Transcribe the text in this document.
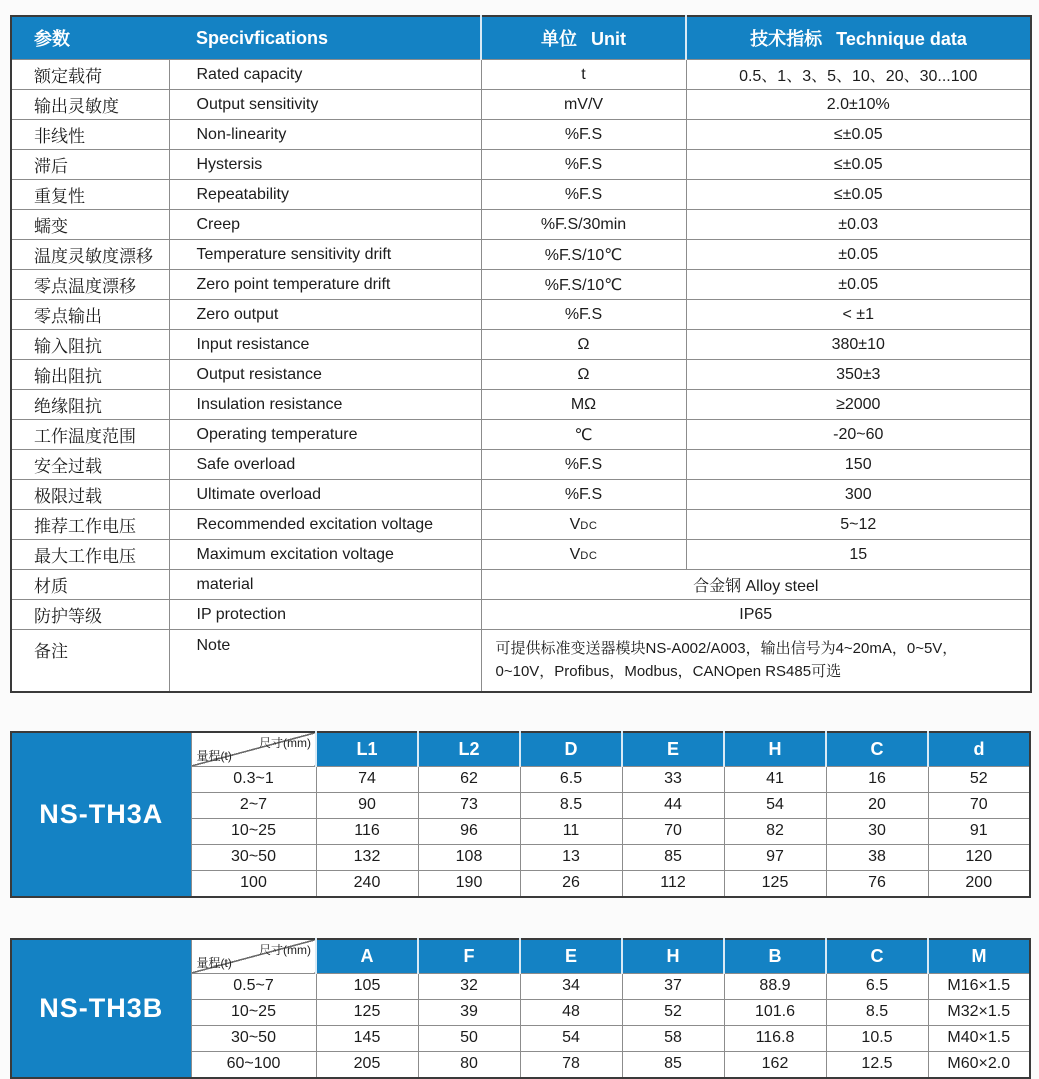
参数	Specivfications	单位 Unit	技术指标 Technique data
额定载荷	Rated capacity	t	0.5、1、3、5、10、20、30...100
输出灵敏度	Output sensitivity	mV/V	2.0±10%
非线性	Non-linearity	%F.S	≤±0.05
滞后	Hystersis	%F.S	≤±0.05
重复性	Repeatability	%F.S	≤±0.05
蠕变	Creep	%F.S/30min	±0.03
温度灵敏度漂移	Temperature sensitivity drift	%F.S/10℃	±0.05
零点温度漂移	Zero point temperature drift	%F.S/10℃	±0.05
零点输出	Zero output	%F.S	< ±1
输入阻抗	Input resistance	Ω	380±10
输出阻抗	Output resistance	Ω	350±3
绝缘阻抗	Insulation resistance	MΩ	≥2000
工作温度范围	Operating temperature	℃	-20~60
安全过载	Safe overload	%F.S	150
极限过载	Ultimate overload	%F.S	300
推荐工作电压	Recommended excitation voltage	VDC	5~12
最大工作电压	Maximum excitation voltage	VDC	15
材质	material	合金钢 Alloy steel	
防护等级	IP protection	IP65	
备注	Note	可提供标准变送器模块NS-A002/A003，输出信号为4~20mA，0~5V，
0~10V，Profibus，Modbus，CANOpen RS485可选	
NS-TH3A	尺寸(mm)
量程(t)	L1	L2	D	E	H	C	d
	0.3~1	74	62	6.5	33	41	16	52
	2~7	90	73	8.5	44	54	20	70
	10~25	116	96	11	70	82	30	91
	30~50	132	108	13	85	97	38	120
	100	240	190	26	112	125	76	200
NS-TH3B	尺寸(mm)
量程(t)	A	F	E	H	B	C	M
	0.5~7	105	32	34	37	88.9	6.5	M16×1.5
	10~25	125	39	48	52	101.6	8.5	M32×1.5
	30~50	145	50	54	58	116.8	10.5	M40×1.5
	60~100	205	80	78	85	162	12.5	M60×2.0
